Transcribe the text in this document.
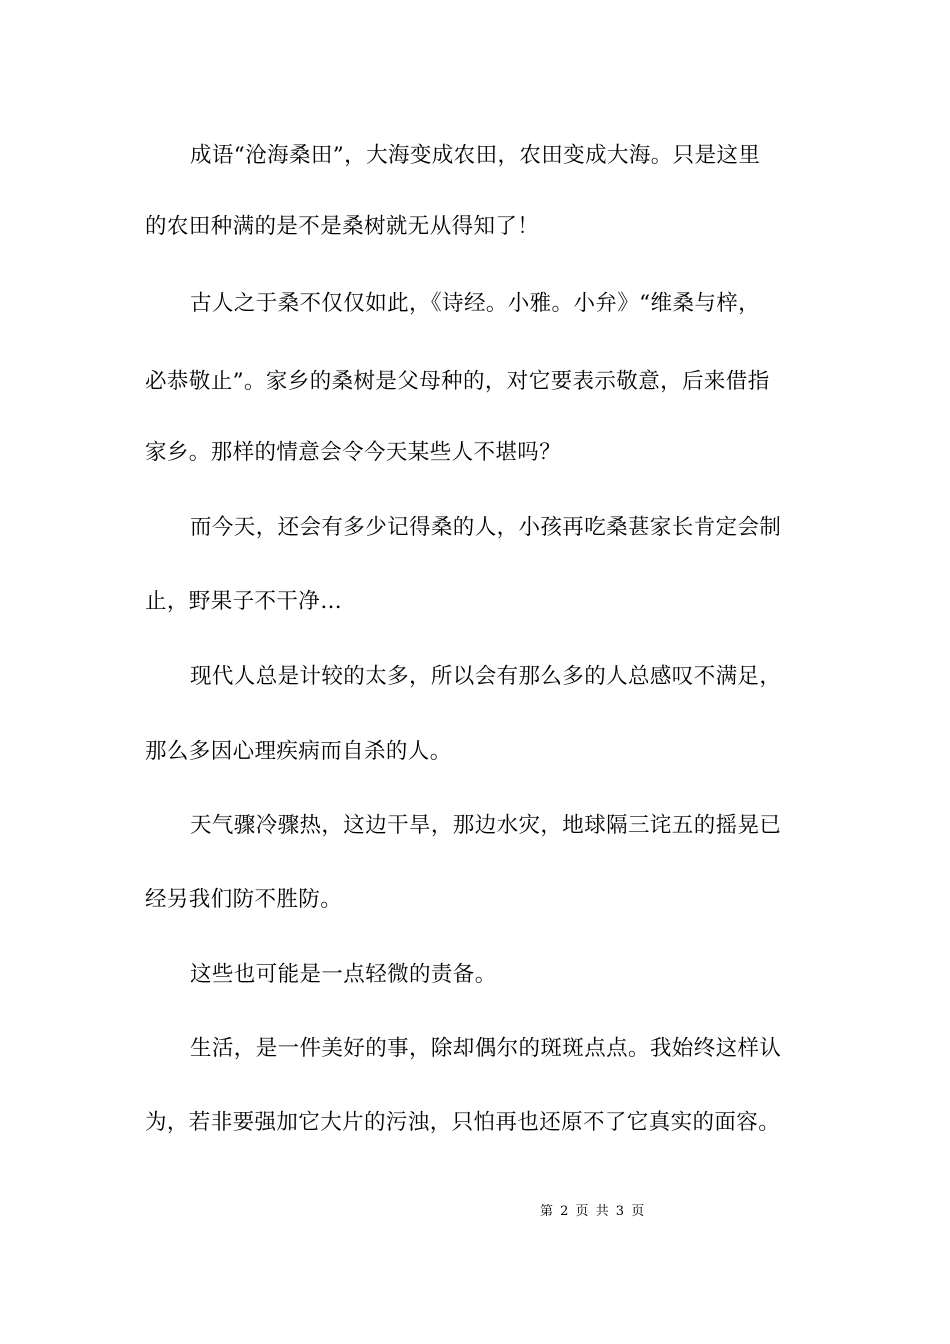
成语“沧海桑田”，大海变成农田，农田变成大海。只是这里
的农田种满的是不是桑树就无从得知了！
古人之于桑不仅仅如此，《诗经。小雅。小弁》“维桑与梓，
必恭敬止”。家乡的桑树是父母种的，对它要表示敬意，后来借指
家乡。那样的情意会令今天某些人不堪吗？
而今天，还会有多少记得桑的人，小孩再吃桑葚家长肯定会制
止，野果子不干净…
现代人总是计较的太多，所以会有那么多的人总感叹不满足，
那么多因心理疾病而自杀的人。
天气骤冷骤热，这边干旱，那边水灾，地球隔三诧五的摇晃已
经另我们防不胜防。
这些也可能是一点轻微的责备。
生活，是一件美好的事，除却偶尔的斑斑点点。我始终这样认
为，若非要强加它大片的污浊，只怕再也还原不了它真实的面容。
第 2 页 共 3 页
